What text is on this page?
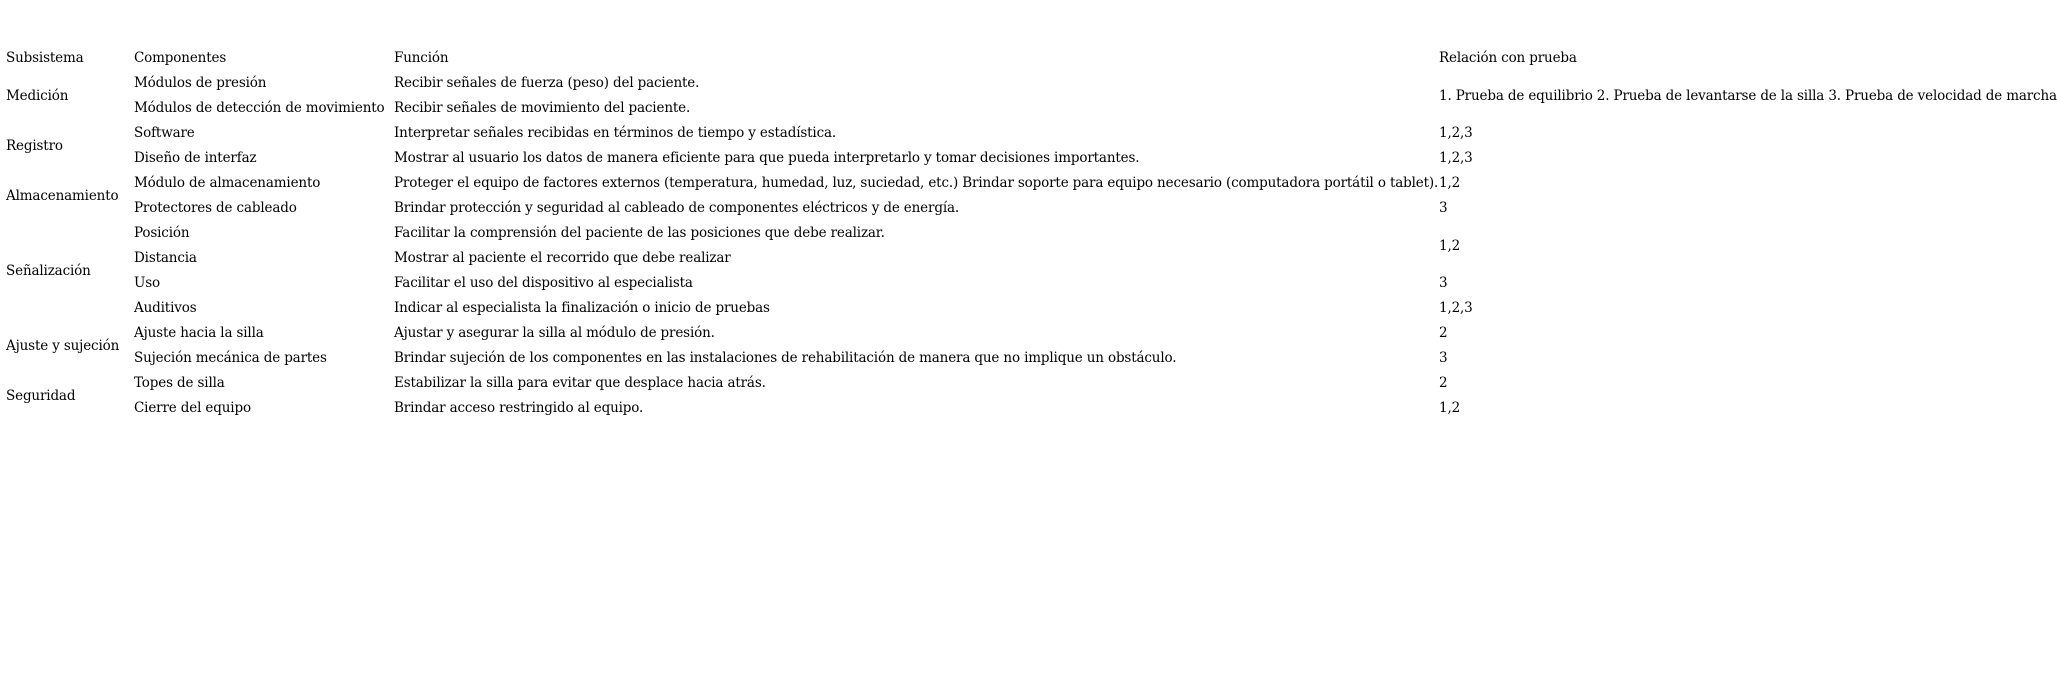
Subsistema	Componentes	Función	Relación con prueba
Medición	Módulos de presión	Recibir señales de fuerza (peso) del paciente.	1. Prueba de equilibrio 2. Prueba de levantarse de la silla 3. Prueba de velocidad de marcha
	Módulos de detección de movimiento	Recibir señales de movimiento del paciente.	
Registro	Software	Interpretar señales recibidas en términos de tiempo y estadística.	1,2,3
	Diseño de interfaz	Mostrar al usuario los datos de manera eficiente para que pueda interpretarlo y tomar decisiones importantes.	1,2,3
Almacenamiento	Módulo de almacenamiento	Proteger el equipo de factores externos (temperatura, humedad, luz, suciedad, etc.) Brindar soporte para equipo necesario (computadora portátil o tablet).	1,2
	Protectores de cableado	Brindar protección y seguridad al cableado de componentes eléctricos y de energía.	3
Señalización	Posición	Facilitar la comprensión del paciente de las posiciones que debe realizar.	1,2
	Distancia	Mostrar al paciente el recorrido que debe realizar	
	Uso	Facilitar el uso del dispositivo al especialista	3
	Auditivos	Indicar al especialista la finalización o inicio de pruebas	1,2,3
Ajuste y sujeción	Ajuste hacia la silla	Ajustar y asegurar la silla al módulo de presión.	2
	Sujeción mecánica de partes	Brindar sujeción de los componentes en las instalaciones de rehabilitación de manera que no implique un obstáculo.	3
Seguridad	Topes de silla	Estabilizar la silla para evitar que desplace hacia atrás.	2
	Cierre del equipo	Brindar acceso restringido al equipo.	1,2
